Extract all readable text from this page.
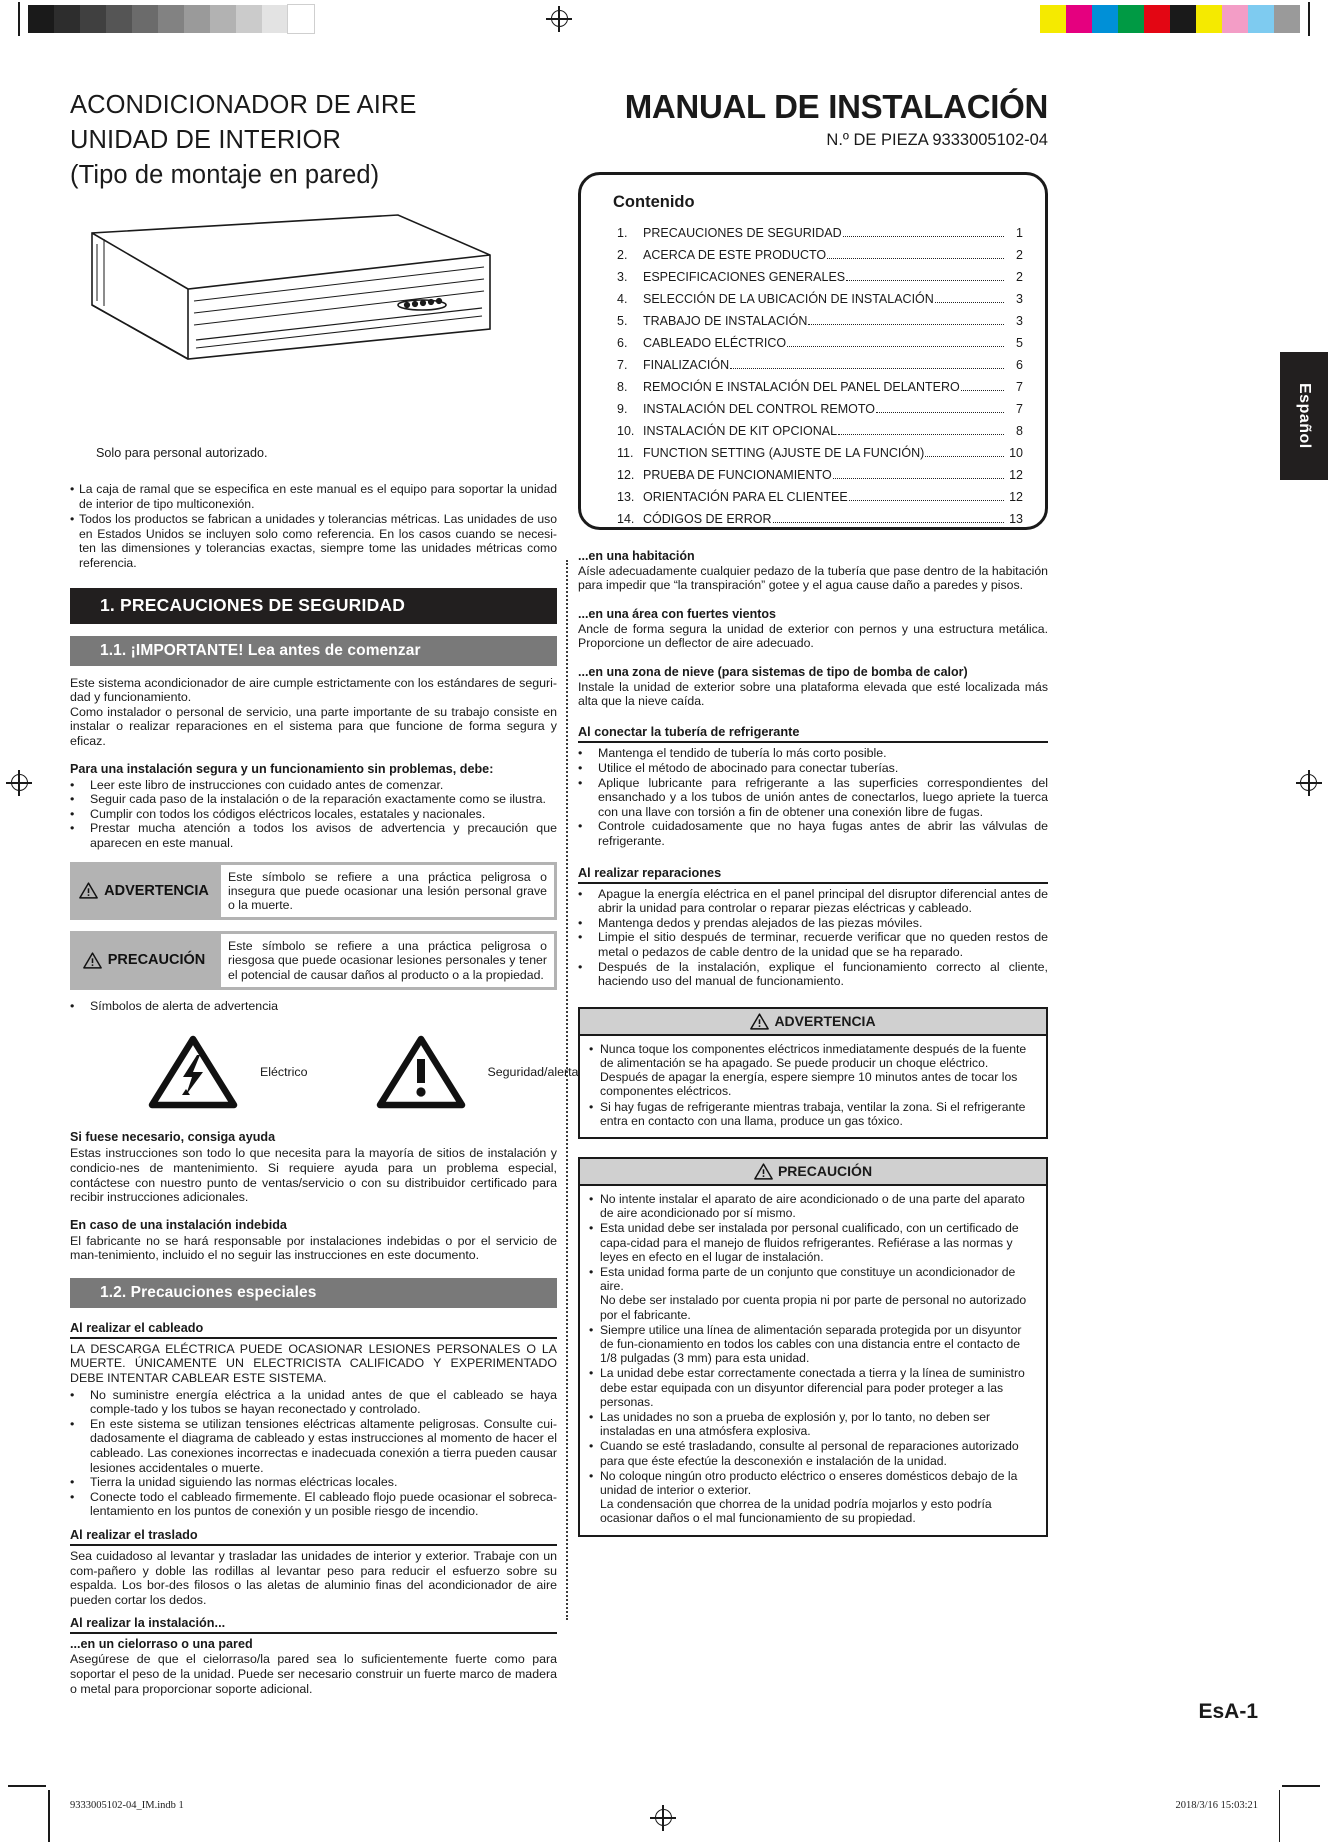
ACONDICIONADOR DE AIRE
UNIDAD DE INTERIOR
(Tipo de montaje en pared)
Solo para personal autorizado.
• La caja de ramal que se especifica en este manual es el equipo para soportar la unidad de interior de tipo multiconexión.
• Todos los productos se fabrican a unidades y tolerancias métricas. Las unidades de uso en Estados Unidos se incluyen solo como referencia. En los casos cuando se necesi-ten las dimensiones y tolerancias exactas, siempre tome las unidades métricas como referencia.
1. PRECAUCIONES DE SEGURIDAD
1.1. ¡IMPORTANTE! Lea antes de comenzar
Este sistema acondicionador de aire cumple estrictamente con los estándares de seguri-dad y funcionamiento.
Como instalador o personal de servicio, una parte importante de su trabajo consiste en instalar o realizar reparaciones en el sistema para que funcione de forma segura y eficaz.
Para una instalación segura y un funcionamiento sin problemas, debe:
•	Leer este libro de instrucciones con cuidado antes de comenzar.
•	Seguir cada paso de la instalación o de la reparación exactamente como se ilustra.
•	Cumplir con todos los códigos eléctricos locales, estatales y nacionales.
•	Prestar mucha atención a todos los avisos de advertencia y precaución que aparecen en este manual.
ADVERTENCIA
Este símbolo se refiere a una práctica peligrosa o insegura que puede ocasionar una lesión personal grave o la muerte.
PRECAUCIÓN
Este símbolo se refiere a una práctica peligrosa o riesgosa que puede ocasionar lesiones personales y tener el potencial de causar daños al producto o a la propiedad.
•	Símbolos de alerta de advertencia
Eléctrico	Seguridad/alerta
Si fuese necesario, consiga ayuda
Estas instrucciones son todo lo que necesita para la mayoría de sitios de instalación y condicio-nes de mantenimiento. Si requiere ayuda para un problema especial, contáctese con nuestro punto de ventas/servicio o con su distribuidor certificado para recibir instrucciones adicionales.
En caso de una instalación indebida
El fabricante no se hará responsable por instalaciones indebidas o por el servicio de man-tenimiento, incluido el no seguir las instrucciones en este documento.
1.2. Precauciones especiales
Al realizar el cableado
LA DESCARGA ELÉCTRICA PUEDE OCASIONAR LESIONES PERSONALES O LA MUERTE. ÚNICAMENTE UN ELECTRICISTA CALIFICADO Y EXPERIMENTADO DEBE INTENTAR CABLEAR ESTE SISTEMA.
•	No suministre energía eléctrica a la unidad antes de que el cableado se haya comple-tado y los tubos se hayan reconectado y controlado.
•	En este sistema se utilizan tensiones eléctricas altamente peligrosas. Consulte cui-dadosamente el diagrama de cableado y estas instrucciones al momento de hacer el cableado. Las conexiones incorrectas e inadecuada conexión a tierra pueden causar lesiones accidentales o muerte.
•	Tierra la unidad siguiendo las normas eléctricas locales.
•	Conecte todo el cableado firmemente. El cableado flojo puede ocasionar el sobreca-lentamiento en los puntos de conexión y un posible riesgo de incendio.
Al realizar el traslado
Sea cuidadoso al levantar y trasladar las unidades de interior y exterior. Trabaje con un com-pañero y doble las rodillas al levantar peso para reducir el esfuerzo sobre su espalda. Los bor-des filosos o las aletas de aluminio finas del acondicionador de aire pueden cortar los dedos.
Al realizar la instalación...
...en un cielorraso o una pared
Asegúrese de que el cielorraso/la pared sea lo suficientemente fuerte como para soportar el peso de la unidad. Puede ser necesario construir un fuerte marco de madera o metal para proporcionar soporte adicional.
MANUAL DE INSTALACIÓN
N.º DE PIEZA 9333005102-04
Contenido
1.	PRECAUCIONES DE SEGURIDAD	1
2.	ACERCA DE ESTE PRODUCTO	2
3.	ESPECIFICACIONES GENERALES	2
4.	SELECCIÓN DE LA UBICACIÓN DE INSTALACIÓN	3
5.	TRABAJO DE INSTALACIÓN	3
6.	CABLEADO ELÉCTRICO	5
7.	FINALIZACIÓN	6
8.	REMOCIÓN E INSTALACIÓN DEL PANEL DELANTERO	7
9.	INSTALACIÓN DEL CONTROL REMOTO	7
10. INSTALACIÓN DE KIT OPCIONAL	8
11. FUNCTION SETTING (AJUSTE DE LA FUNCIÓN)	10
12. PRUEBA DE FUNCIONAMIENTO	12
13. ORIENTACIÓN PARA EL CLIENTEE	12
14. CÓDIGOS DE ERROR	13
...en una habitación
Aísle adecuadamente cualquier pedazo de la tubería que pase dentro de la habitación para impedir que “la transpiración” gotee y el agua cause daño a paredes y pisos.
...en una área con fuertes vientos
Ancle de forma segura la unidad de exterior con pernos y una estructura metálica. Proporcione un deflector de aire adecuado.
...en una zona de nieve (para sistemas de tipo de bomba de calor)
Instale la unidad de exterior sobre una plataforma elevada que esté localizada más alta que la nieve caída.
Al conectar la tubería de refrigerante
•	Mantenga el tendido de tubería lo más corto posible.
•	Utilice el método de abocinado para conectar tuberías.
•	Aplique lubricante para refrigerante a las superficies correspondientes del ensanchado y a los tubos de unión antes de conectarlos, luego apriete la tuerca con una llave con torsión a fin de obtener una conexión libre de fugas.
•	Controle cuidadosamente que no haya fugas antes de abrir las válvulas de refrigerante.
Al realizar reparaciones
•	Apague la energía eléctrica en el panel principal del disruptor diferencial antes de abrir la unidad para controlar o reparar piezas eléctricas y cableado.
•	Mantenga dedos y prendas alejados de las piezas móviles.
•	Limpie el sitio después de terminar, recuerde verificar que no queden restos de metal o pedazos de cable dentro de la unidad que se ha reparado.
•	Después de la instalación, explique el funcionamiento correcto al cliente, haciendo uso del manual de funcionamiento.
ADVERTENCIA
• Nunca toque los componentes eléctricos inmediatamente después de la fuente de alimentación se ha apagado. Se puede producir un choque eléctrico. Después de apagar la energía, espere siempre 10 minutos antes de tocar los componentes eléctricos.
• Si hay fugas de refrigerante mientras trabaja, ventilar la zona. Si el refrigerante entra en contacto con una llama, produce un gas tóxico.
PRECAUCIÓN
• No intente instalar el aparato de aire acondicionado o de una parte del aparato de aire acondicionado por sí mismo.
• Esta unidad debe ser instalada por personal cualificado, con un certificado de capa-cidad para el manejo de fluidos refrigerantes. Refiérase a las normas y leyes en efecto en el lugar de instalación.
• Esta unidad forma parte de un conjunto que constituye un acondicionador de aire.
No debe ser instalado por cuenta propia ni por parte de personal no autorizado por el fabricante.
• Siempre utilice una línea de alimentación separada protegida por un disyuntor de fun-cionamiento en todos los cables con una distancia entre el contacto de 1/8 pulgadas (3 mm) para esta unidad.
• La unidad debe estar correctamente conectada a tierra y la línea de suministro debe estar equipada con un disyuntor diferencial para poder proteger a las personas.
• Las unidades no son a prueba de explosión y, por lo tanto, no deben ser instaladas en una atmósfera explosiva.
• Cuando se esté trasladando, consulte al personal de reparaciones autorizado para que éste efectúe la desconexión e instalación de la unidad.
• No coloque ningún otro producto eléctrico o enseres domésticos debajo de la unidad de interior o exterior.
La condensación que chorrea de la unidad podría mojarlos y esto podría ocasionar daños o el mal funcionamiento de su propiedad.
Español
EsA-1
9333005102-04_IM.indb 1	2018/3/16 15:03:21
